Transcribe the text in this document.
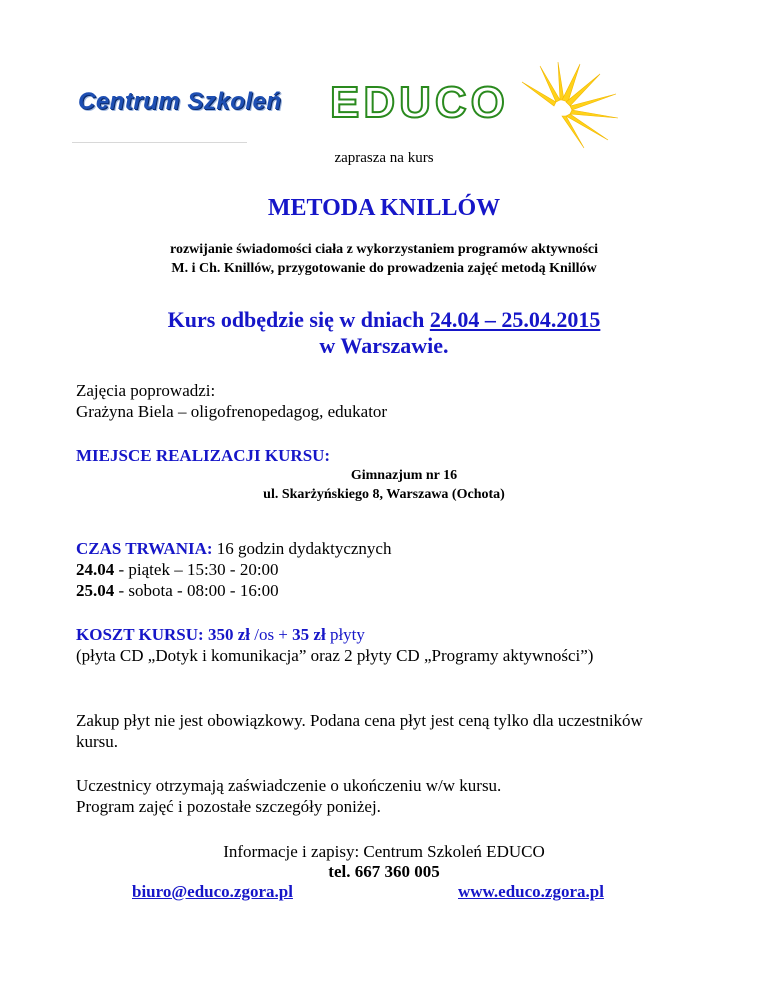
Centrum Szkoleń EDUCO
zaprasza na kurs
METODA KNILLÓW
rozwijanie świadomości ciała z wykorzystaniem programów aktywności
M. i Ch. Knillów, przygotowanie do prowadzenia zajęć metodą Knillów
Kurs odbędzie się w dniach 24.04 – 25.04.2015
w Warszawie.
Zajęcia poprowadzi:
Grażyna Biela – oligofrenopedagog, edukator
MIEJSCE REALIZACJI KURSU:
Gimnazjum nr 16
ul. Skarżyńskiego 8, Warszawa (Ochota)
CZAS TRWANIA: 16 godzin dydaktycznych
24.04 - piątek – 15:30 - 20:00
25.04 - sobota - 08:00 - 16:00
KOSZT KURSU: 350 zł /os + 35 zł płyty
(płyta CD „Dotyk i komunikacja” oraz 2 płyty CD „Programy aktywności”)
Zakup płyt nie jest obowiązkowy. Podana cena płyt jest ceną tylko dla uczestników kursu.
Uczestnicy otrzymają zaświadczenie o ukończeniu w/w kursu.
Program zajęć i pozostałe szczegóły poniżej.
Informacje i zapisy: Centrum Szkoleń EDUCO
tel. 667 360 005
biuro@educo.zgora.pl	www.educo.zgora.pl
